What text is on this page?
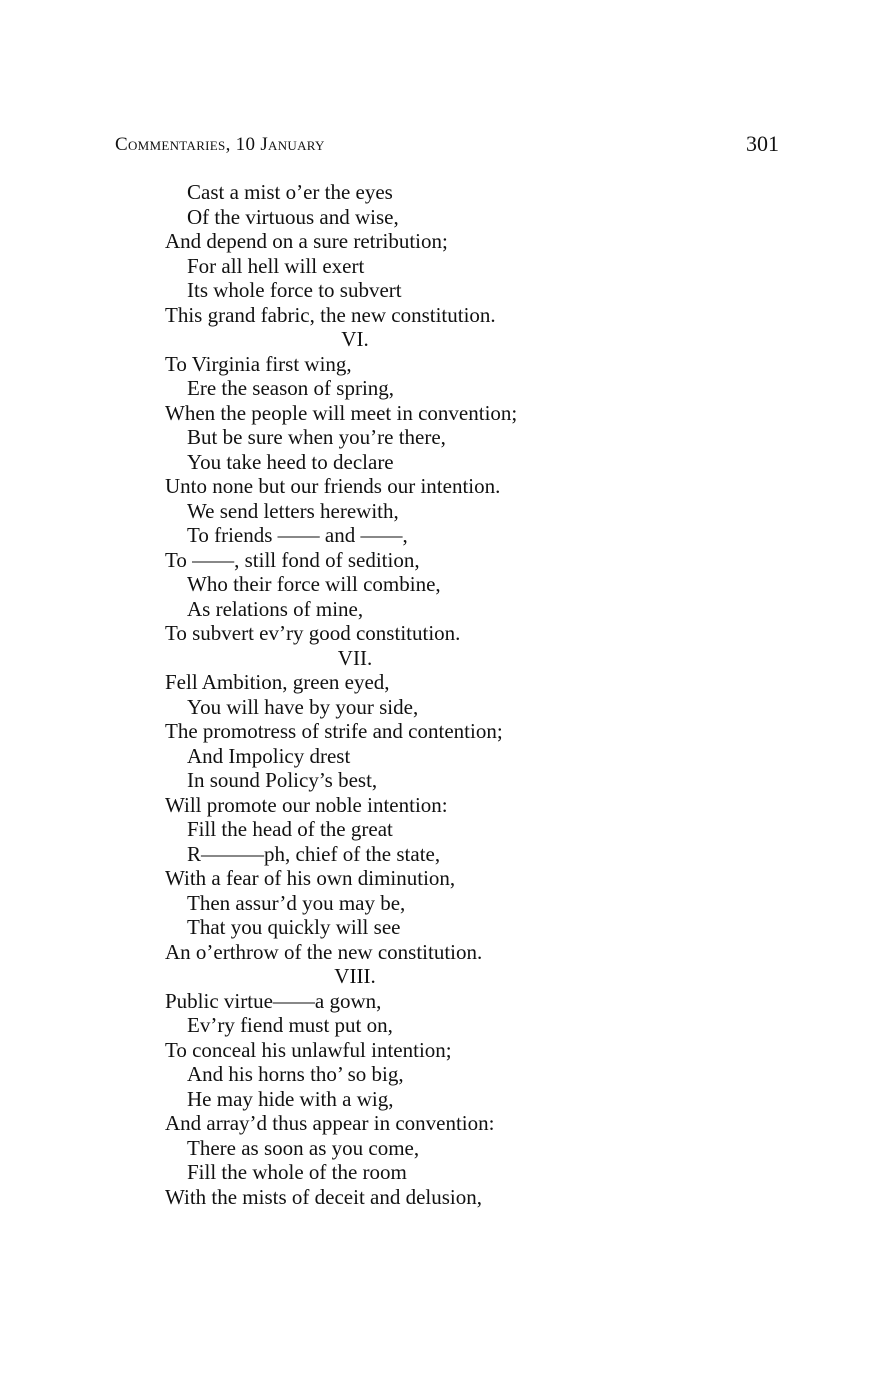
Commentaries, 10 January	301
Cast a mist o’er the eyes
Of the virtuous and wise,
And depend on a sure retribution;
For all hell will exert
Its whole force to subvert
This grand fabric, the new constitution.
VI.
To Virginia first wing,
Ere the season of spring,
When the people will meet in convention;
But be sure when you’re there,
You take heed to declare
Unto none but our friends our intention.
We send letters herewith,
To friends —— and ——,
To ——, still fond of sedition,
Who their force will combine,
As relations of mine,
To subvert ev’ry good constitution.
VII.
Fell Ambition, green eyed,
You will have by your side,
The promotress of strife and contention;
And Impolicy drest
In sound Policy’s best,
Will promote our noble intention:
Fill the head of the great
R———ph, chief of the state,
With a fear of his own diminution,
Then assur’d you may be,
That you quickly will see
An o’erthrow of the new constitution.
VIII.
Public virtue——a gown,
Ev’ry fiend must put on,
To conceal his unlawful intention;
And his horns tho’ so big,
He may hide with a wig,
And array’d thus appear in convention:
There as soon as you come,
Fill the whole of the room
With the mists of deceit and delusion,
